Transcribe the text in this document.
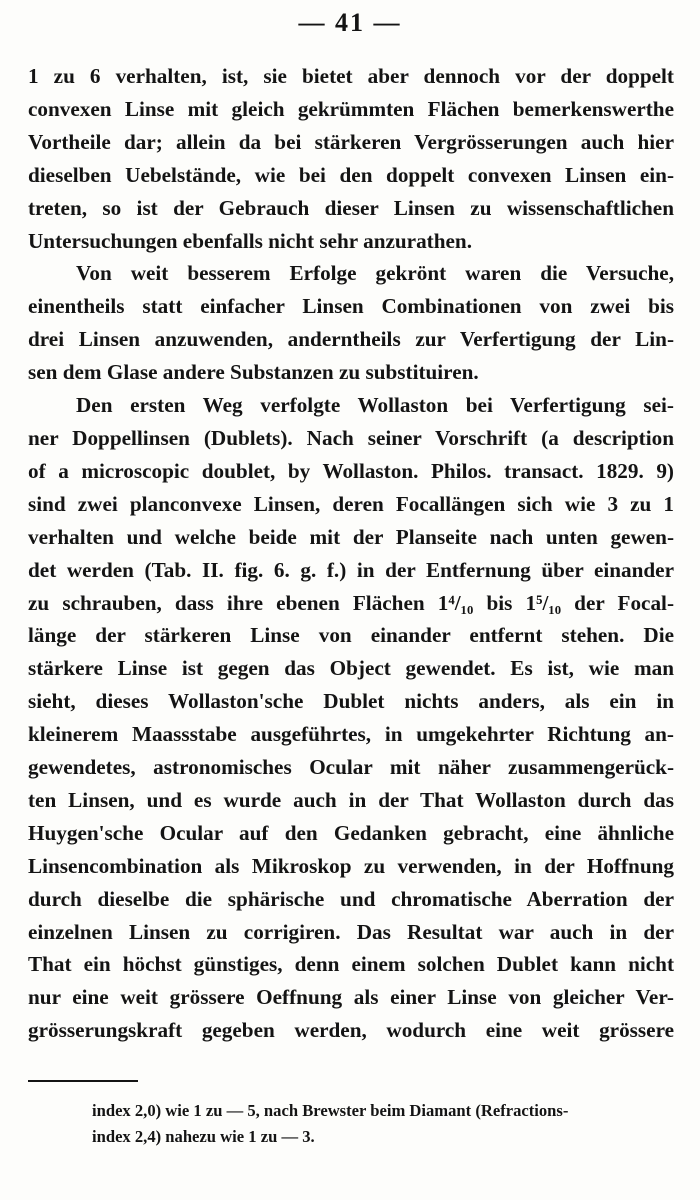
— 41 —
1 zu 6 verhalten, ist, sie bietet aber dennoch vor der doppelt
convexen Linse mit gleich gekrümmten Flächen bemerkenswerthe
Vortheile dar; allein da bei stärkeren Vergrösserungen auch hier
dieselben Uebelstände, wie bei den doppelt convexen Linsen ein-
treten, so ist der Gebrauch dieser Linsen zu wissenschaftlichen
Untersuchungen ebenfalls nicht sehr anzurathen.
Von weit besserem Erfolge gekrönt waren die Versuche,
einentheils statt einfacher Linsen Combinationen von zwei bis
drei Linsen anzuwenden, anderntheils zur Verfertigung der Lin-
sen dem Glase andere Substanzen zu substituiren.
Den ersten Weg verfolgte Wollaston bei Verfertigung sei-
ner Doppellinsen (Dublets). Nach seiner Vorschrift (a description
of a microscopic doublet, by Wollaston. Philos. transact. 1829. 9)
sind zwei planconvexe Linsen, deren Focallängen sich wie 3 zu 1
verhalten und welche beide mit der Planseite nach unten gewen-
det werden (Tab. II. fig. 6. g. f.) in der Entfernung über einander
zu schrauben, dass ihre ebenen Flächen 1⁴/₁₀ bis 1⁵/₁₀ der Focal-
länge der stärkeren Linse von einander entfernt stehen. Die
stärkere Linse ist gegen das Object gewendet. Es ist, wie man
sieht, dieses Wollaston'sche Dublet nichts anders, als ein in
kleinerem Maassstabe ausgeführtes, in umgekehrter Richtung an-
gewendetes, astronomisches Ocular mit näher zusammengerück-
ten Linsen, und es wurde auch in der That Wollaston durch das
Huygen'sche Ocular auf den Gedanken gebracht, eine ähnliche
Linsencombination als Mikroskop zu verwenden, in der Hoffnung
durch dieselbe die sphärische und chromatische Aberration der
einzelnen Linsen zu corrigiren. Das Resultat war auch in der
That ein höchst günstiges, denn einem solchen Dublet kann nicht
nur eine weit grössere Oeffnung als einer Linse von gleicher Ver-
grösserungskraft gegeben werden, wodurch eine weit grössere
index 2,0) wie 1 zu — 5, nach Brewster beim Diamant (Refractions-
index 2,4) nahezu wie 1 zu — 3.
